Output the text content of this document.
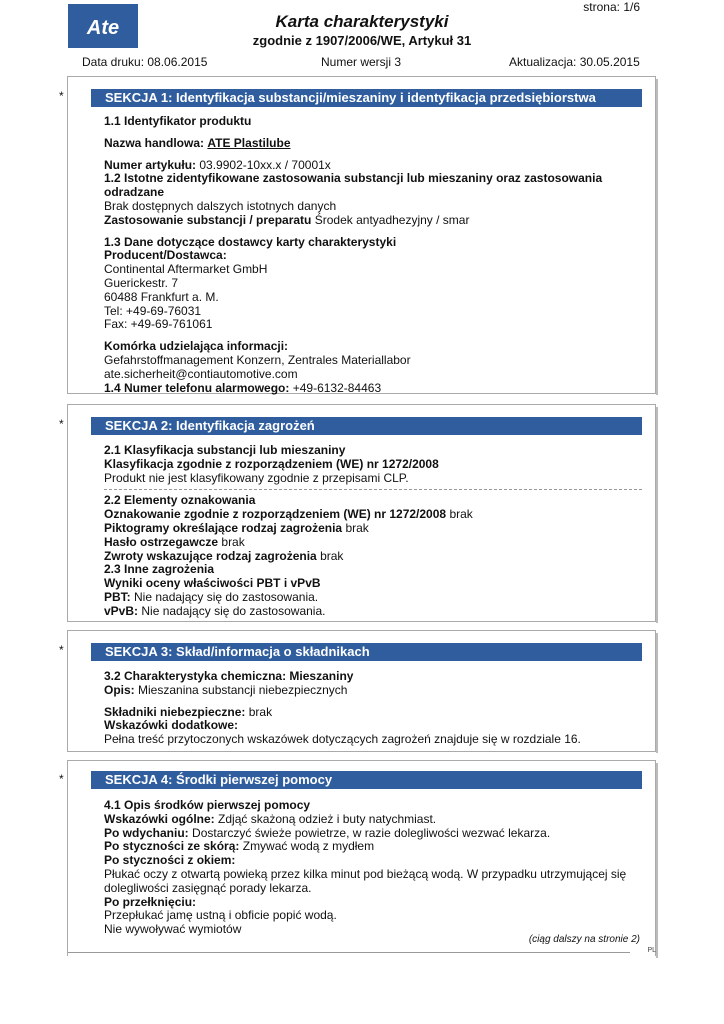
Ate
strona: 1/6
Karta charakterystyki
zgodnie z 1907/2006/WE, Artykuł 31
Data druku: 08.06.2015	Numer wersji 3	Aktualizacja: 30.05.2015
*	SEKCJA 1: Identyfikacja substancji/mieszaniny i identyfikacja przedsiębiorstwa
1.1 Identyfikator produktu
Nazwa handlowa: ATE Plastilube
Numer artykułu: 03.9902-10xx.x / 70001x
1.2 Istotne zidentyfikowane zastosowania substancji lub mieszaniny oraz zastosowania odradzane
Brak dostępnych dalszych istotnych danych
Zastosowanie substancji / preparatu Środek antyadhezyjny / smar
1.3 Dane dotyczące dostawcy karty charakterystyki
Producent/Dostawca:
Continental Aftermarket GmbH
Guerickestr. 7
60488 Frankfurt a. M.
Tel: +49-69-76031
Fax: +49-69-761061
Komórka udzielająca informacji:
Gefahrstoffmanagement Konzern, Zentrales Materiallabor
ate.sicherheit@contiautomotive.com
1.4 Numer telefonu alarmowego: +49-6132-84463
*	SEKCJA 2: Identyfikacja zagrożeń
2.1 Klasyfikacja substancji lub mieszaniny
Klasyfikacja zgodnie z rozporządzeniem (WE) nr 1272/2008
Produkt nie jest klasyfikowany zgodnie z przepisami CLP.
2.2 Elementy oznakowania
Oznakowanie zgodnie z rozporządzeniem (WE) nr 1272/2008 brak
Piktogramy określające rodzaj zagrożenia brak
Hasło ostrzegawcze brak
Zwroty wskazujące rodzaj zagrożenia brak
2.3 Inne zagrożenia
Wyniki oceny właściwości PBT i vPvB
PBT: Nie nadający się do zastosowania.
vPvB: Nie nadający się do zastosowania.
*	SEKCJA 3: Skład/informacja o składnikach
3.2 Charakterystyka chemiczna: Mieszaniny
Opis: Mieszanina substancji niebezpiecznych
Składniki niebezpieczne: brak
Wskazówki dodatkowe:
Pełna treść przytoczonych wskazówek dotyczących zagrożeń znajduje się w rozdziale 16.
*	SEKCJA 4: Środki pierwszej pomocy
4.1 Opis środków pierwszej pomocy
Wskazówki ogólne: Zdjąć skażoną odzież i buty natychmiast.
Po wdychaniu: Dostarczyć świeże powietrze, w razie dolegliwości wezwać lekarza.
Po styczności ze skórą: Zmywać wodą z mydłem
Po styczności z okiem:
Płukać oczy z otwartą powieką przez kilka minut pod bieżącą wodą. W przypadku utrzymującej się dolegliwości zasięgnąć porady lekarza.
Po przełknięciu:
Przepłukać jamę ustną i obficie popić wodą.
Nie wywoływać wymiotów
(ciąg dalszy na stronie 2)
PL
